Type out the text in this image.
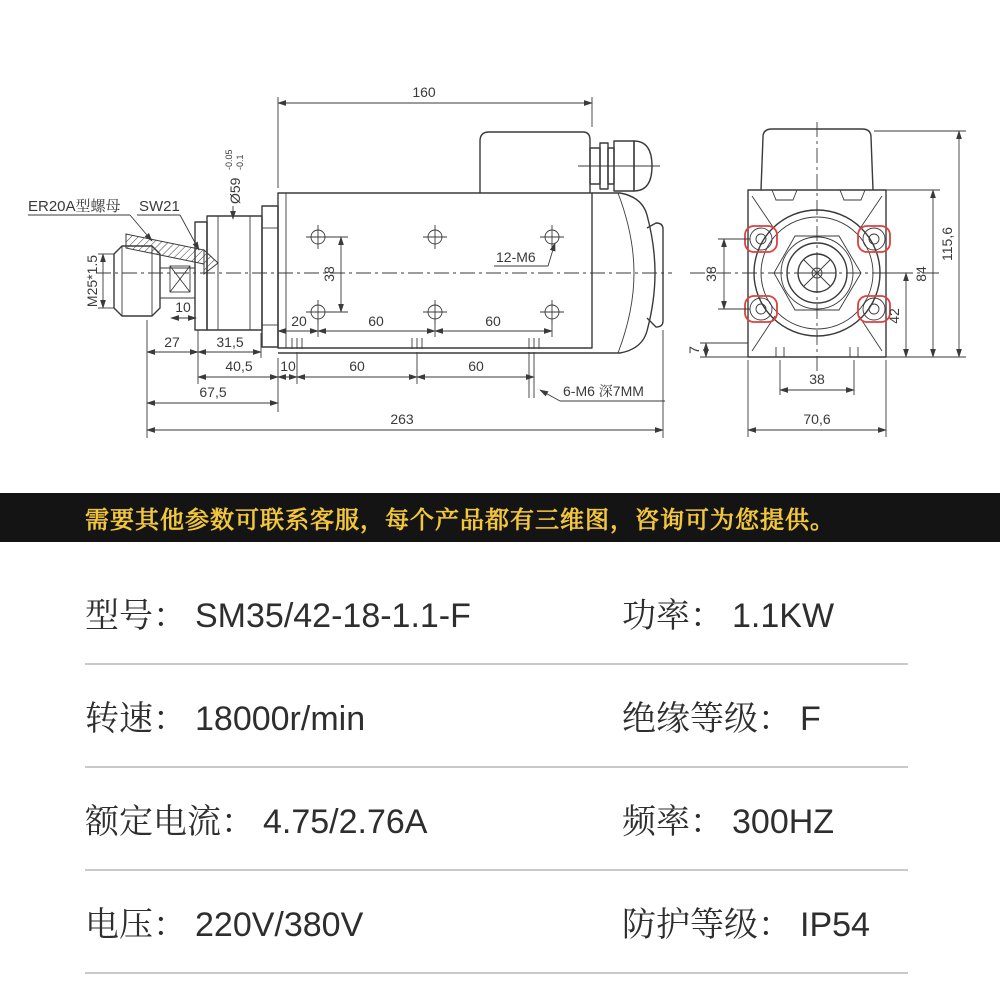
160
Ø59
-0.05 -0.1
M25*1.5
ER20A型螺母 SW21
12-M6
38
20	60	60
10
27	31,5
40,5 10	60	60
6-M6 深7MM
67,5
263
38
7
38
70,6
42
84
115,6
需要其他参数可联系客服，每个产品都有三维图，咨询可为您提供。
型号： SM35/42-18-1.1-F	功率： 1.1KW
转速： 18000r/min	绝缘等级： F
额定电流： 4.75/2.76A	频率： 300HZ
电压： 220V/380V	防护等级： IP54
